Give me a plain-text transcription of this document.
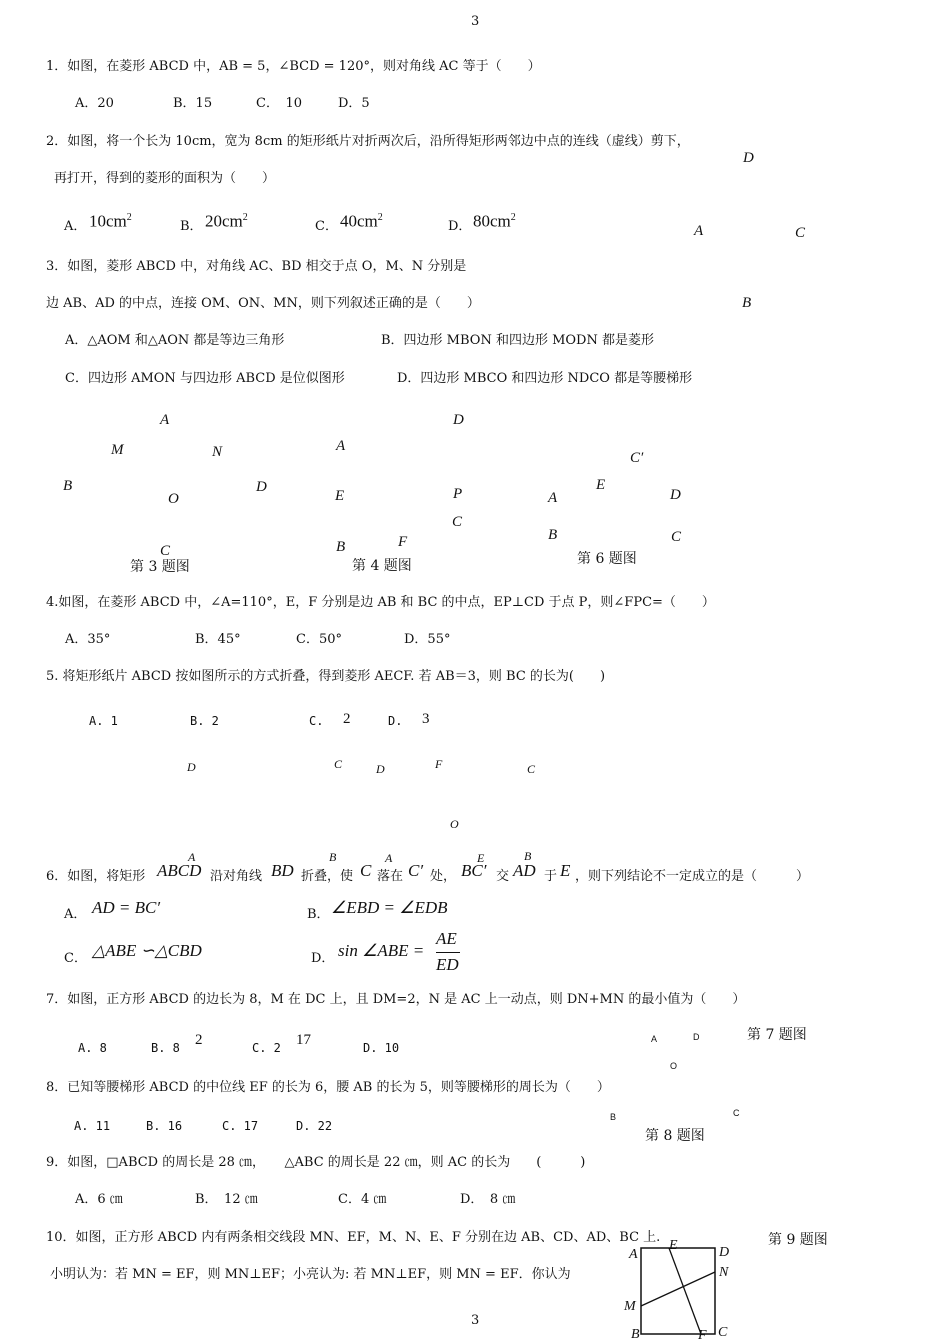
3
3
1．如图，在菱形 ABCD 中，AB = 5，∠BCD = 120°，则对角线 AC 等于（　　）
A．20	B．15	C．　10	D．5
2．如图，将一个长为 10cm，宽为 8cm 的矩形纸片对折两次后，沿所得矩形两邻边中点的连线（虚线）剪下，
再打开，得到的菱形的面积为（　　）
A． $10cm^2$
B． $20cm^2$
C． $40cm^2$
D． $80cm^2$
D
A	C
B
3．如图，菱形 ABCD 中，对角线 AC、BD 相交于点 O，M、N 分别是
边 AB、AD 的中点，连接 OM、ON、MN，则下列叙述正确的是（　　）
A．△AOM 和△AON 都是等边三角形	B．四边形 MBON 和四边形 MODN 都是菱形
C．四边形 AMON 与四边形 ABCD 是位似图形	D．四边形 MBCO 和四边形 NDCO 都是等腰梯形
A
M	N
B
O
D
C
第 3 题图
D
A
E	P
C
B	F
第 4 题图
C′
E
A	D
B	C
第 6 题图
4.如图，在菱形 ABCD 中，∠A=110°，E，F 分别是边 AB 和 BC 的中点，EP⊥CD 于点 P，则∠FPC=（　　）
A．35°	B．45°	C．50°	D．55°
5. 将矩形纸片 ABCD 按如图所示的方式折叠，得到菱形 AECF. 若 AB＝3，则 BC 的长为(　　)
A. 1	B. 2	C. 2	D. 3
D	C	D	F	C
O
A	B	A	E	B
6．如图，将矩形 ABCD 沿对角线 BD 折叠，使 C 落在 C′ 处， BC′ 交 AD 于 E ，则下列结论不一定成立的是（　　　）
A． AD = BC′	B． ∠EBD = ∠EDB
C． △ABE ∽△CBD	D． sin ∠ABE =
AE
ED
7．如图，正方形 ABCD 的边长为 8，M 在 DC 上，且 DM=2，N 是 AC 上一动点，则 DN+MN 的最小值为（　　）
A. 8	B. 8 2	C. 2 17	D. 10
A	D
O
B	C
第 7 题图
8．已知等腰梯形 ABCD 的中位线 EF 的长为 6，腰 AB 的长为 5，则等腰梯形的周长为（　　）
A. 11	B. 16	C. 17	D. 22
第 8 题图
9．如图，□ABCD 的周长是 28 ㎝，　　△ABC 的周长是 22 ㎝，则 AC 的长为　　(　　　)
A．6 ㎝	B．　12 ㎝	C．4 ㎝	D．　8 ㎝
第 9 题图
10．如图，正方形 ABCD 内有两条相交线段 MN、EF，M、N、E、F 分别在边 AB、CD、AD、BC 上.
小明认为：若 MN = EF，则 MN⊥EF；小亮认为: 若 MN⊥EF，则 MN = EF．你认为
A
E	D
N
M
B	F C
